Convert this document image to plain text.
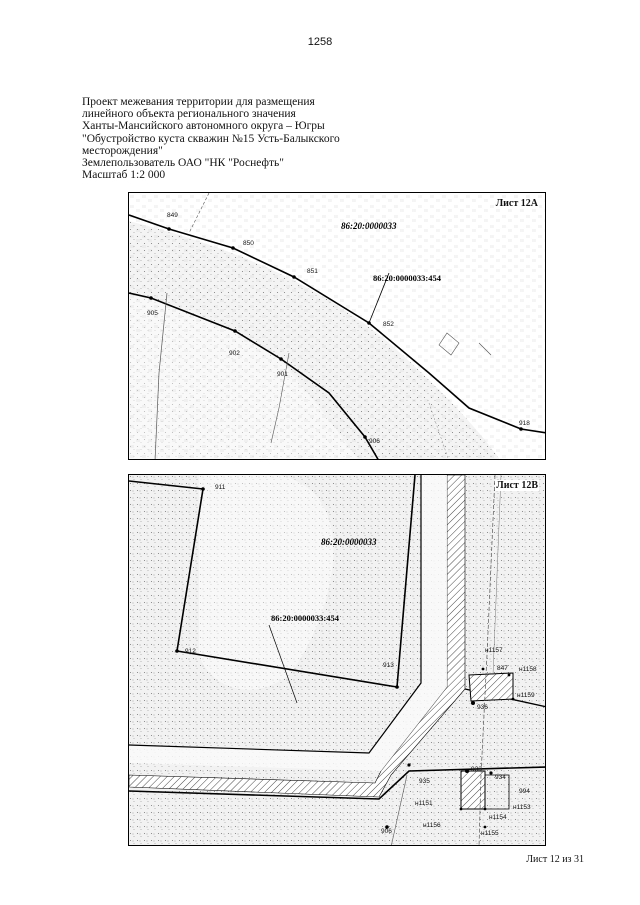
1258
Проект межевания территории для размещения
линейного объекта регионального значения
Ханты-Мансийского автономного округа – Югры
"Обустройство куста скважин №15 Усть-Балыкского
месторождения"
Землепользователь ОАО "НК "Роснефть"
Масштаб 1:2 000
849
850
851
852
905
902
901
906
918
86:20:0000033
86:20:0000033:454
Лист 12А
911
912
913
936
933
934
935
994
906
847
н1157
н1158
н1159
н1151
н1156
н1153
н1154
н1155
86:20:0000033
86:20:0000033:454
Лист 12В
Лист 12 из 31
